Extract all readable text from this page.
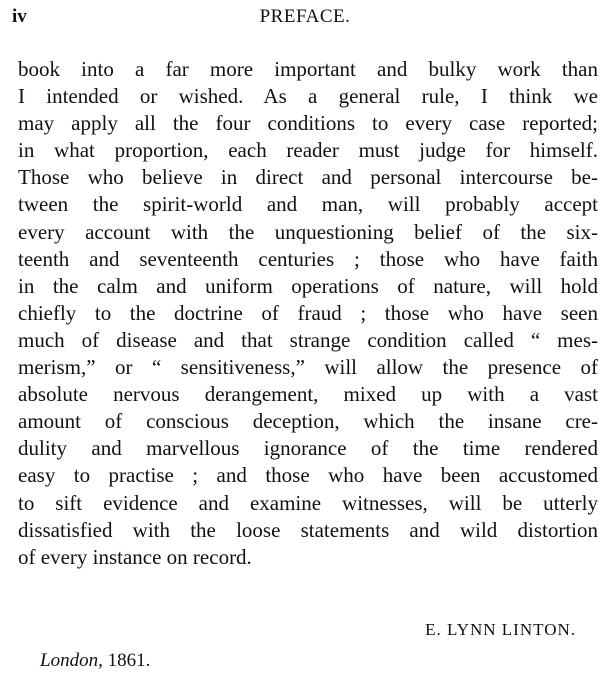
iv	PREFACE.
book into a far more important and bulky work than
I intended or wished. As a general rule, I think we
may apply all the four conditions to every case reported;
in what proportion, each reader must judge for himself.
Those who believe in direct and personal intercourse be-
tween the spirit-world and man, will probably accept
every account with the unquestioning belief of the six-
teenth and seventeenth centuries ; those who have faith
in the calm and uniform operations of nature, will hold
chiefly to the doctrine of fraud ; those who have seen
much of disease and that strange condition called “ mes-
merism,” or “ sensitiveness,” will allow the presence of
absolute nervous derangement, mixed up with a vast
amount of conscious deception, which the insane cre-
dulity and marvellous ignorance of the time rendered
easy to practise ; and those who have been accustomed
to sift evidence and examine witnesses, will be utterly
dissatisfied with the loose statements and wild distortion
of every instance on record.
E. LYNN LINTON.
London, 1861.
